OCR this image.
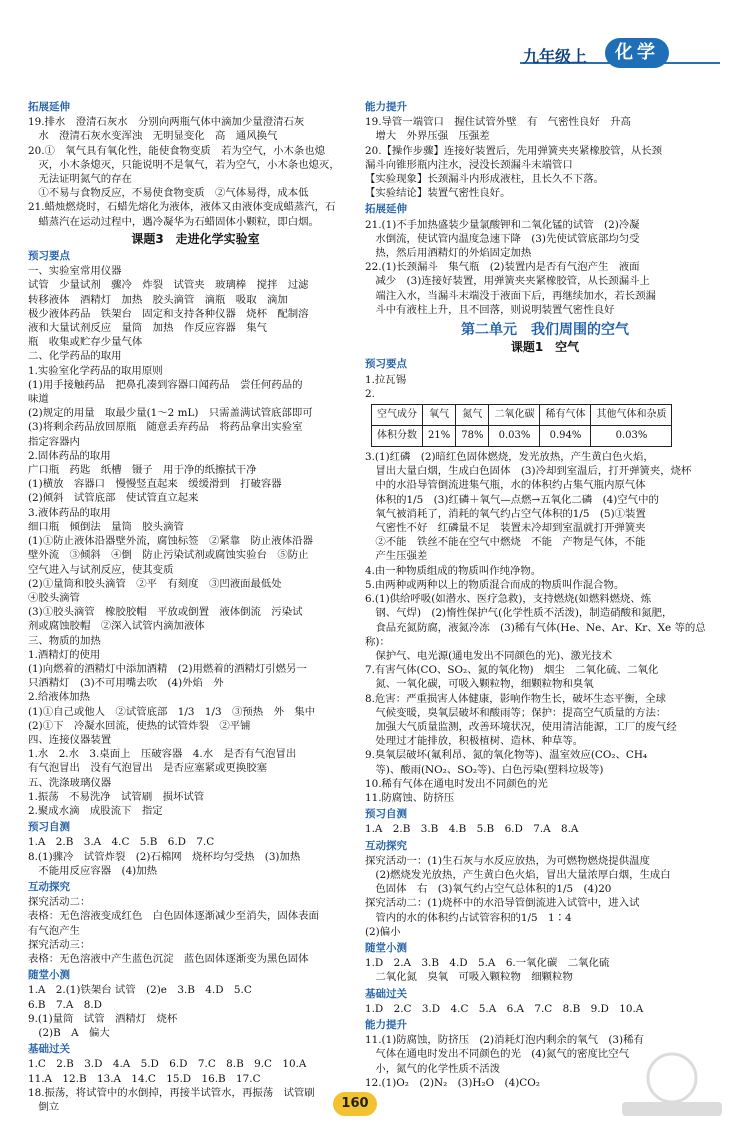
九年级上	化学
拓展延伸
19.排水　澄清石灰水　分别向两瓶气体中滴加少量澄清石灰
　水　澄清石灰水变浑浊　无明显变化　高　通风换气
20.①　氧气具有氧化性，能使食物变质　若为空气，小木条也熄
　灭，小木条熄灭，只能说明不是氧气，若为空气，小木条也熄灭，
　无法证明氮气的存在
　①不易与食物反应，不易使食物变质　②气体易得，成本低
21.蜡烛燃烧时，石蜡先熔化为液体，液体又由液体变成蜡蒸汽，石
　蜡蒸汽在运动过程中，遇冷凝华为石蜡固体小颗粒，即白烟。
课题3　走进化学实验室
预习要点
一、实验室常用仪器
试管　少量试剂　骤冷　炸裂　试管夹　玻璃棒　搅拌　过滤
转移液体　酒精灯　加热　胶头滴管　滴瓶　吸取　滴加
极少液体药品　铁架台　固定和支持各种仪器　烧杯　配制溶
液和大量试剂反应　量筒　加热　作反应容器　集气
瓶　收集或贮存少量气体
二、化学药品的取用
1.实验室化学药品的取用原则
(1)用手接触药品　把鼻孔凑到容器口闻药品　尝任何药品的
味道
(2)规定的用量　取最少量(1～2 mL)　只需盖满试管底部即可
(3)将剩余药品放回原瓶　随意丢弃药品　将药品拿出实验室
指定容器内
2.固体药品的取用
广口瓶　药匙　纸槽　镊子　用于净的纸擦拭干净
(1)横放　容器口　慢慢竖直起来　缓缓滑到　打破容器
(2)倾斜　试管底部　使试管直立起来
3.液体药品的取用
细口瓶　倾倒法　量筒　胶头滴管
(1)①防止液体沿器壁外流，腐蚀标签　②紧靠　防止液体沿器
壁外流　③倾斜　④倒　防止污染试剂或腐蚀实验台　⑤防止
空气进入与试剂反应，使其变质
(2)①量筒和胶头滴管　②平　有刻度　③凹液面最低处
④胶头滴管
(3)①胶头滴管　橡胶胶帽　平放或倒置　液体倒流　污染试
剂或腐蚀胶帽　②深入试管内滴加液体
三、物质的加热
1.酒精灯的使用
(1)向燃着的酒精灯中添加酒精　(2)用燃着的酒精灯引燃另一
只酒精灯　(3)不可用嘴去吹　(4)外焰　外
2.给液体加热
(1)①自己或他人　②试管底部　1/3　1/3　③预热　外　集中
(2)①下　冷凝水回流，使热的试管炸裂　②平铺
四、连接仪器装置
1.水　2.水　3.桌面上　压破容器　4.水　是否有气泡冒出
有气泡冒出　没有气泡冒出　是否应塞紧或更换胶塞
五、洗涤玻璃仪器
1.振荡　不易洗净　试管刷　损坏试管
2.聚成水滴　成股流下　指定
预习自测
1.A　2.B　3.A　4.C　5.B　6.D　7.C
8.(1)骤冷　试管炸裂　(2)石棉网　烧杯均匀受热　(3)加热
　不能用反应容器　(4)加热
互动探究
探究活动二：
表格：无色溶液变成红色　白色固体逐渐减少至消失，固体表面
有气泡产生
探究活动三：
表格：无色溶液中产生蓝色沉淀　蓝色固体逐渐变为黑色固体
随堂小测
1.A　2.(1)铁架台 试管　(2)e　3.B　4.D　5.C
6.B　7.A　8.D
9.(1)量筒　试管　酒精灯　烧杯
　(2)B　A　偏大
基础过关
1.C　2.B　3.D　4.A　5.D　6.D　7.C　8.B　9.C　10.A
11.A　12.B　13.A　14.C　15.D　16.B　17.C
18.振荡，将试管中的水倒掉，再接半试管水，再振荡　试管刷
　倒立
能力提升
19.导管一端管口　握住试管外壁　有　气密性良好　升高
　增大　外界压强　压强差
20.【操作步骤】连接好装置后，先用弹簧夹夹紧橡胶管，从长颈
漏斗向锥形瓶内注水，浸没长颈漏斗末端管口
【实验现象】长颈漏斗内形成液柱，且长久不下落。
【实验结论】装置气密性良好。
拓展延伸
21.(1)不手加热盛装少量氯酸钾和二氧化锰的试管　(2)冷凝
　水倒流，使试管内温度急速下降　(3)先使试管底部均匀受
　热，然后用酒精灯的外焰固定加热
22.(1)长颈漏斗　集气瓶　(2)装置内是否有气泡产生　液面
　减少　(3)连接好装置，用弹簧夹夹紧橡胶管，从长颈漏斗上
　端注入水，当漏斗末端没于液面下后，再继续加水，若长颈漏
　斗中有液柱上升，且不回落，则说明装置气密性良好
第二单元　我们周围的空气
课题1　空气
预习要点
1.拉瓦锡
2.
空气成分	氧气	氮气	二氧化碳	稀有气体	其他气体和杂质
体积分数	21%	78%	0.03%	0.94%	0.03%
3.(1)红磷　(2)暗红色固体燃烧，发光放热，产生黄白色火焰，
　冒出大量白烟，生成白色固体　(3)冷却到室温后，打开弹簧夹，烧杯
　中的水沿导管倒流进集气瓶，水的体积约占集气瓶内原气体
　体积的1/5　(3)红磷＋氧气—点燃→五氧化二磷　(4)空气中的
　氧气被消耗了，消耗的氧气约占空气体积的1/5　(5)①装置
　气密性不好　红磷量不足　装置未冷却到室温就打开弹簧夹
　②不能　铁丝不能在空气中燃烧　不能　产物是气体，不能
　产生压强差
4.由一种物质组成的物质叫作纯净物。
5.由两种或两种以上的物质混合而成的物质叫作混合物。
6.(1)供给呼吸(如潜水、医疗急救)，支持燃烧(如燃料燃烧、炼
　钢、气焊)　(2)惰性保护气(化学性质不活泼)，制造硝酸和氮肥，
　食品充氮防腐，液氮冷冻　(3)稀有气体(He、Ne、Ar、Kr、Xe 等的总称)：
　保护气、电光源(通电发出不同颜色的光)、激光技术
7.有害气体(CO、SO₂、氮的氧化物)　烟尘　二氧化硫、二氧化
　氮、一氧化碳，可吸入颗粒物，细颗粒物和臭氧
8.危害：严重损害人体健康，影响作物生长，破坏生态平衡，全球
　气候变暖，臭氧层破坏和酸雨等；保护：提高空气质量的方法：
　加强大气质量监测，改善环境状况，使用清洁能源，工厂的废气经
　处理过才能排放，积极植树、造林、种草等。
9.臭氧层破坏(氟利昂、氮的氧化物等)、温室效应(CO₂、CH₄
　等)、酸雨(NO₂、SO₂等)、白色污染(塑料垃圾等)
10.稀有气体在通电时发出不同颜色的光
11.防腐蚀、防挤压
预习自测
1.A　2.B　3.B　4.B　5.B　6.D　7.A　8.A
互动探究
探究活动一：(1)生石灰与水反应放热，为可燃物燃烧提供温度
　(2)燃烧发光放热，产生黄白色火焰，冒出大量浓厚白烟，生成白
　色固体　右　(3)氧气约占空气总体积的1/5　(4)20
探究活动二：(1)烧杯中的水沿导管倒流进入试管中，进入试
　管内的水的体积约占试管容积的1/5　1∶4
(2)偏小
随堂小测
1.D　2.A　3.B　4.D　5.A　6.一氧化碳　二氧化硫
　二氧化氮　臭氧　可吸入颗粒物　细颗粒物
基础过关
1.D　2.C　3.D　4.C　5.A　6.A　7.C　8.B　9.D　10.A
能力提升
11.(1)防腐蚀，防挤压　(2)消耗灯泡内剩余的氧气　(3)稀有
　气体在通电时发出不同颜色的光　(4)氮气的密度比空气
　小，氮气的化学性质不活泼
12.(1)O₂　(2)N₂　(3)H₂O　(4)CO₂
160
